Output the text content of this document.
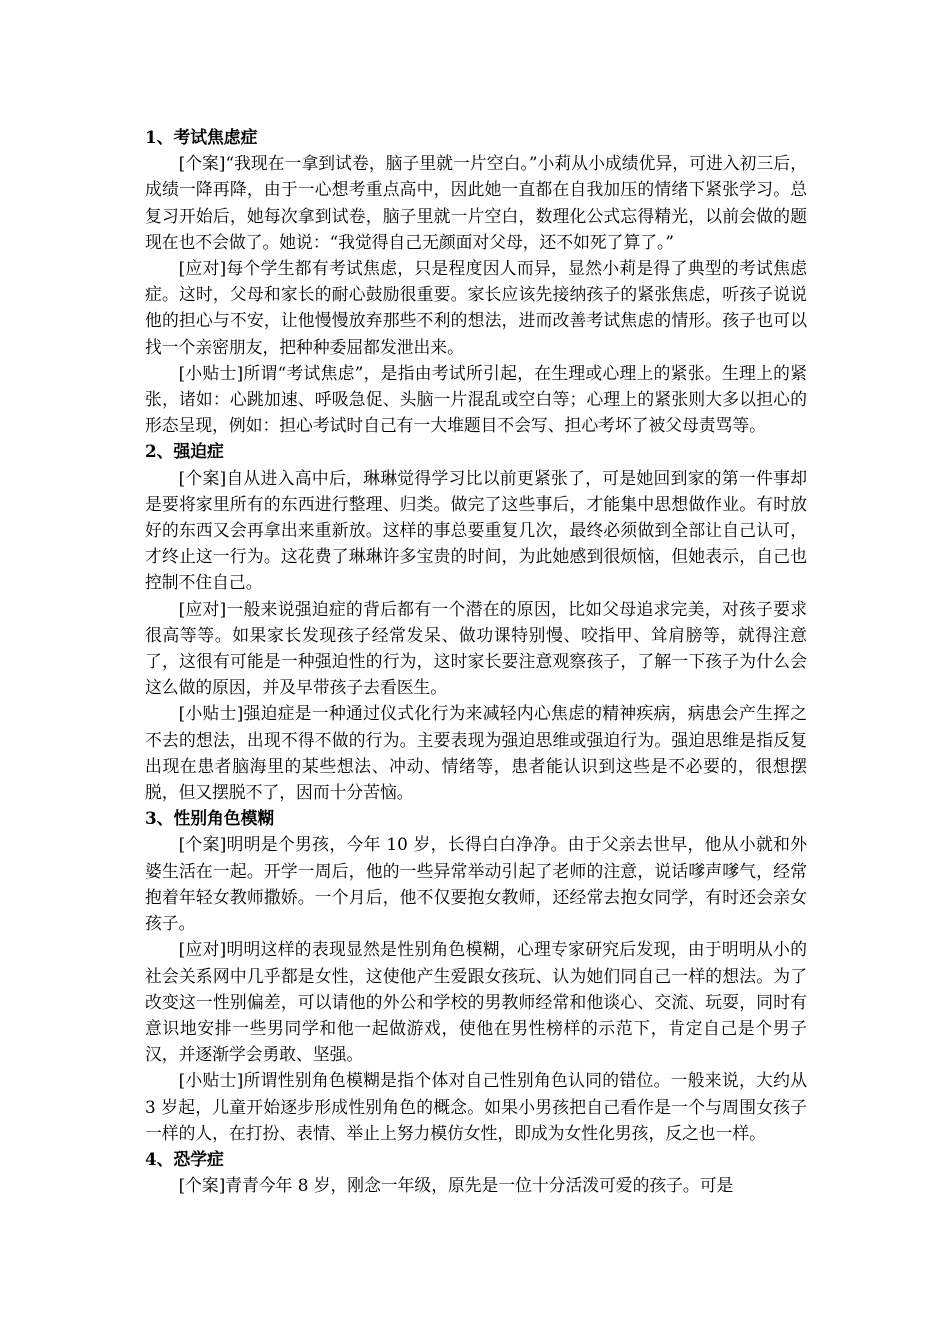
1、考试焦虑症

[个案]“我现在一拿到试卷，脑子里就一片空白。”小莉从小成绩优异，可进入初三后，成绩一降再降，由于一心想考重点高中，因此她一直都在自我加压的情绪下紧张学习。总复习开始后，她每次拿到试卷，脑子里就一片空白，数理化公式忘得精光，以前会做的题现在也不会做了。她说：“我觉得自己无颜面对父母，还不如死了算了。”

[应对]每个学生都有考试焦虑，只是程度因人而异，显然小莉是得了典型的考试焦虑症。这时，父母和家长的耐心鼓励很重要。家长应该先接纳孩子的紧张焦虑，听孩子说说他的担心与不安，让他慢慢放弃那些不利的想法，进而改善考试焦虑的情形。孩子也可以找一个亲密朋友，把种种委屈都发泄出来。

[小贴士]所谓“考试焦虑”，是指由考试所引起，在生理或心理上的紧张。生理上的紧张，诸如：心跳加速、呼吸急促、头脑一片混乱或空白等；心理上的紧张则大多以担心的形态呈现，例如：担心考试时自己有一大堆题目不会写、担心考坏了被父母责骂等。

2、强迫症

[个案]自从进入高中后，琳琳觉得学习比以前更紧张了，可是她回到家的第一件事却是要将家里所有的东西进行整理、归类。做完了这些事后，才能集中思想做作业。有时放好的东西又会再拿出来重新放。这样的事总要重复几次，最终必须做到全部让自己认可，才终止这一行为。这花费了琳琳许多宝贵的时间，为此她感到很烦恼，但她表示，自己也控制不住自己。

[应对]一般来说强迫症的背后都有一个潜在的原因，比如父母追求完美，对孩子要求很高等等。如果家长发现孩子经常发呆、做功课特别慢、咬指甲、耸肩膀等，就得注意了，这很有可能是一种强迫性的行为，这时家长要注意观察孩子，了解一下孩子为什么会这么做的原因，并及早带孩子去看医生。

[小贴士]强迫症是一种通过仪式化行为来减轻内心焦虑的精神疾病，病患会产生挥之不去的想法，出现不得不做的行为。主要表现为强迫思维或强迫行为。强迫思维是指反复出现在患者脑海里的某些想法、冲动、情绪等，患者能认识到这些是不必要的，很想摆脱，但又摆脱不了，因而十分苦恼。

3、性别角色模糊

[个案]明明是个男孩，今年 10 岁，长得白白净净。由于父亲去世早，他从小就和外婆生活在一起。开学一周后，他的一些异常举动引起了老师的注意，说话嗲声嗲气，经常抱着年轻女教师撒娇。一个月后，他不仅要抱女教师，还经常去抱女同学，有时还会亲女孩子。

[应对]明明这样的表现显然是性别角色模糊，心理专家研究后发现，由于明明从小的社会关系网中几乎都是女性，这使他产生爱跟女孩玩、认为她们同自己一样的想法。为了改变这一性别偏差，可以请他的外公和学校的男教师经常和他谈心、交流、玩耍，同时有意识地安排一些男同学和他一起做游戏，使他在男性榜样的示范下，肯定自己是个男子汉，并逐渐学会勇敢、坚强。

[小贴士]所谓性别角色模糊是指个体对自己性别角色认同的错位。一般来说，大约从 3 岁起，儿童开始逐步形成性别角色的概念。如果小男孩把自己看作是一个与周围女孩子一样的人，在打扮、表情、举止上努力模仿女性，即成为女性化男孩，反之也一样。

4、恐学症

[个案]青青今年 8 岁，刚念一年级，原先是一位十分活泼可爱的孩子。可是
